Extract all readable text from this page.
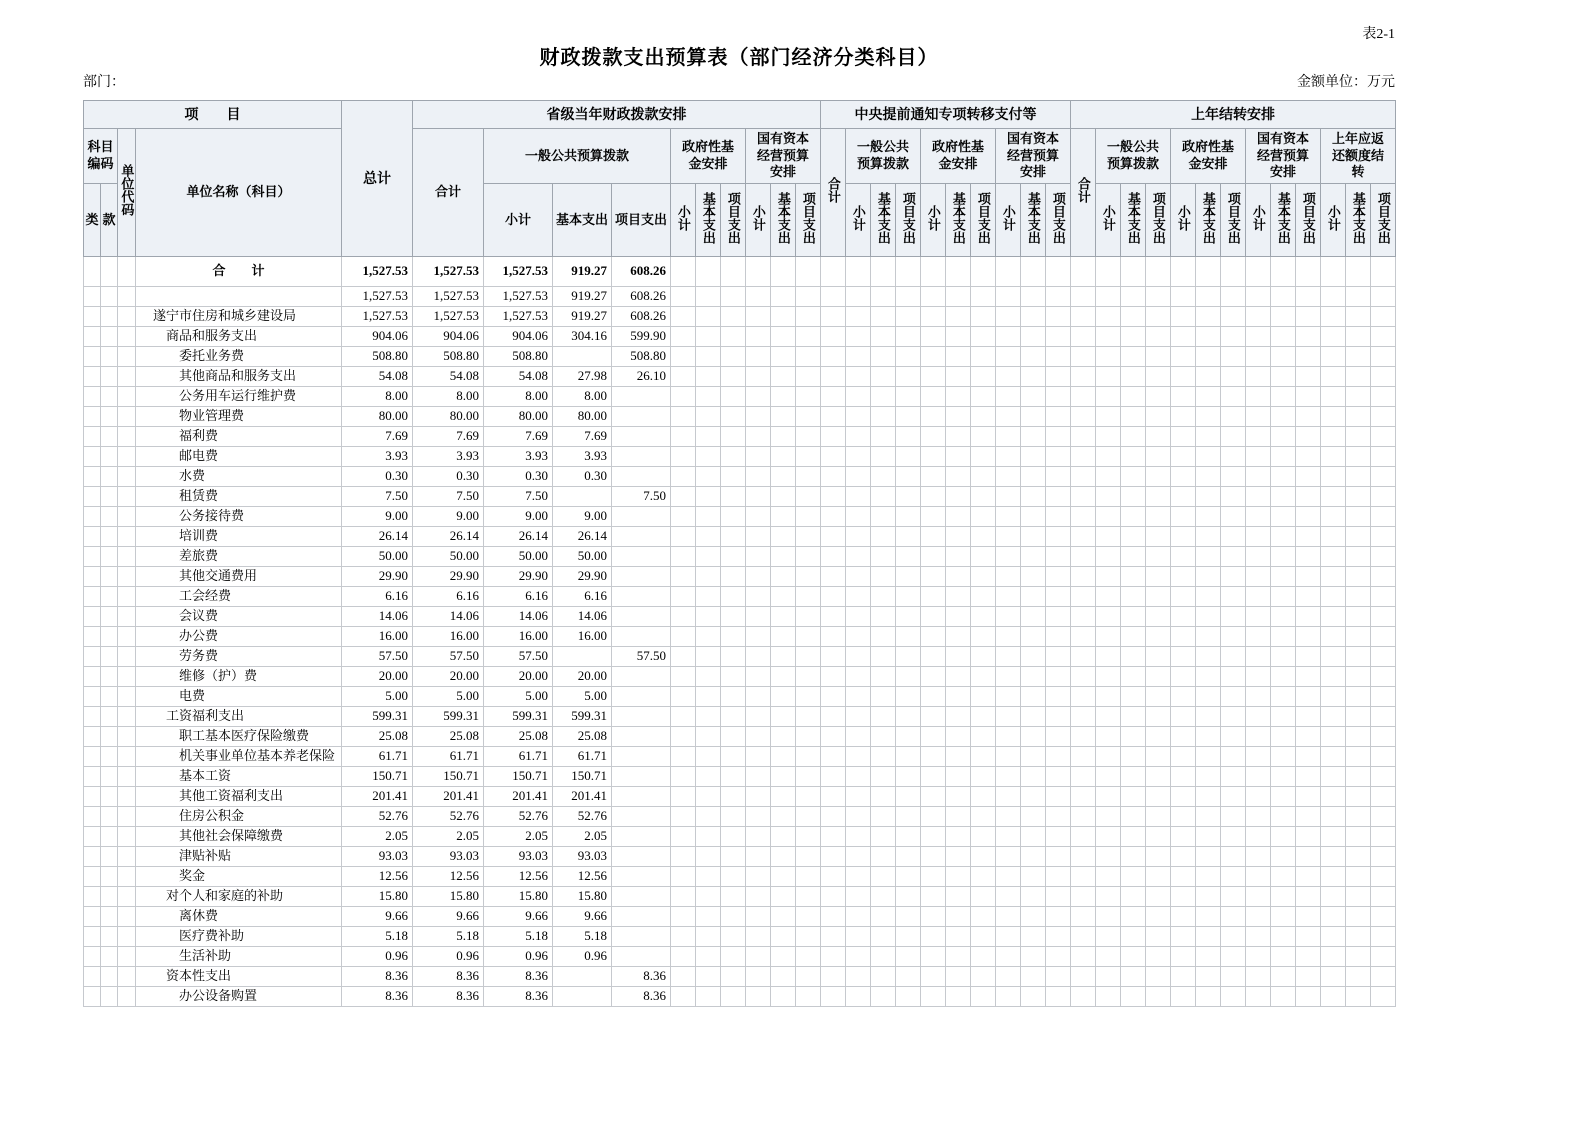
表2-1
财政拨款支出预算表（部门经济分类科目）
部门：	金额单位：万元
项　　目				总计	省级当年财政拨款安排										中央提前通知专项转移支付等										上年结转安排												
科目编码		单位代码	单位名称（科目）		合计	一般公共预算拨款			政府性基金安排			国有资本经营预算安排			合计	一般公共预算拨款			政府性基金安排			国有资本经营预算安排			合计	一般公共预算拨款			政府性基金安排			国有资本经营预算安排			上年应返还额度结转		
类	款					小计	基本支出	项目支出	小计	基本支出	项目支出	小计	基本支出	项目支出		小计	基本支出	项目支出	小计	基本支出	项目支出	小计	基本支出	项目支出		小计	基本支出	项目支出	小计	基本支出	项目支出	小计	基本支出	项目支出	小计	基本支出	项目支出
			合　　计	1,527.53	1,527.53	1,527.53	919.27	608.26																													
				1,527.53	1,527.53	1,527.53	919.27	608.26																													
			遂宁市住房和城乡建设局	1,527.53	1,527.53	1,527.53	919.27	608.26																													
			商品和服务支出	904.06	904.06	904.06	304.16	599.90																													
			委托业务费	508.80	508.80	508.80		508.80																													
			其他商品和服务支出	54.08	54.08	54.08	27.98	26.10																													
			公务用车运行维护费	8.00	8.00	8.00	8.00																														
			物业管理费	80.00	80.00	80.00	80.00																														
			福利费	7.69	7.69	7.69	7.69																														
			邮电费	3.93	3.93	3.93	3.93																														
			水费	0.30	0.30	0.30	0.30																														
			租赁费	7.50	7.50	7.50		7.50																													
			公务接待费	9.00	9.00	9.00	9.00																														
			培训费	26.14	26.14	26.14	26.14																														
			差旅费	50.00	50.00	50.00	50.00																														
			其他交通费用	29.90	29.90	29.90	29.90																														
			工会经费	6.16	6.16	6.16	6.16																														
			会议费	14.06	14.06	14.06	14.06																														
			办公费	16.00	16.00	16.00	16.00																														
			劳务费	57.50	57.50	57.50		57.50																													
			维修（护）费	20.00	20.00	20.00	20.00																														
			电费	5.00	5.00	5.00	5.00																														
			工资福利支出	599.31	599.31	599.31	599.31																														
			职工基本医疗保险缴费	25.08	25.08	25.08	25.08																														
			机关事业单位基本养老保险	61.71	61.71	61.71	61.71																														
			基本工资	150.71	150.71	150.71	150.71																														
			其他工资福利支出	201.41	201.41	201.41	201.41																														
			住房公积金	52.76	52.76	52.76	52.76																														
			其他社会保障缴费	2.05	2.05	2.05	2.05																														
			津贴补贴	93.03	93.03	93.03	93.03																														
			奖金	12.56	12.56	12.56	12.56																														
			对个人和家庭的补助	15.80	15.80	15.80	15.80																														
			离休费	9.66	9.66	9.66	9.66																														
			医疗费补助	5.18	5.18	5.18	5.18																														
			生活补助	0.96	0.96	0.96	0.96																														
			资本性支出	8.36	8.36	8.36		8.36																													
			办公设备购置	8.36	8.36	8.36		8.36																													
